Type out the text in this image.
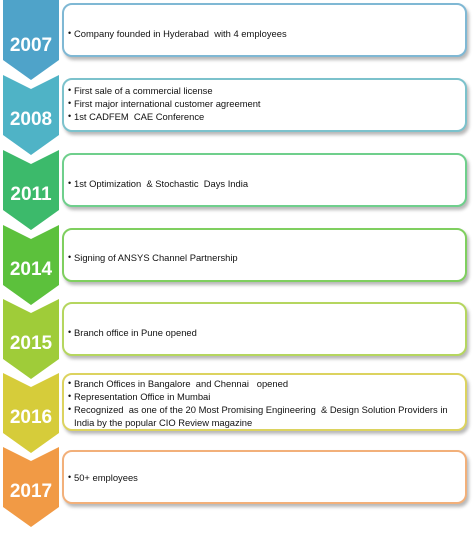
2007
• Company founded in Hyderabad  with 4 employees
2008
• First sale of a commercial license
• First major international customer agreement
• 1st CADFEM  CAE Conference
2011
• 1st Optimization  & Stochastic  Days India
2014
• Signing of ANSYS Channel Partnership
2015
• Branch office in Pune opened
2016
• Branch Offices in Bangalore  and Chennai   opened
• Representation Office in Mumbai
• Recognized  as one of the 20 Most Promising Engineering  & Design Solution Providers in India by the popular CIO Review magazine
2017
• 50+ employees
